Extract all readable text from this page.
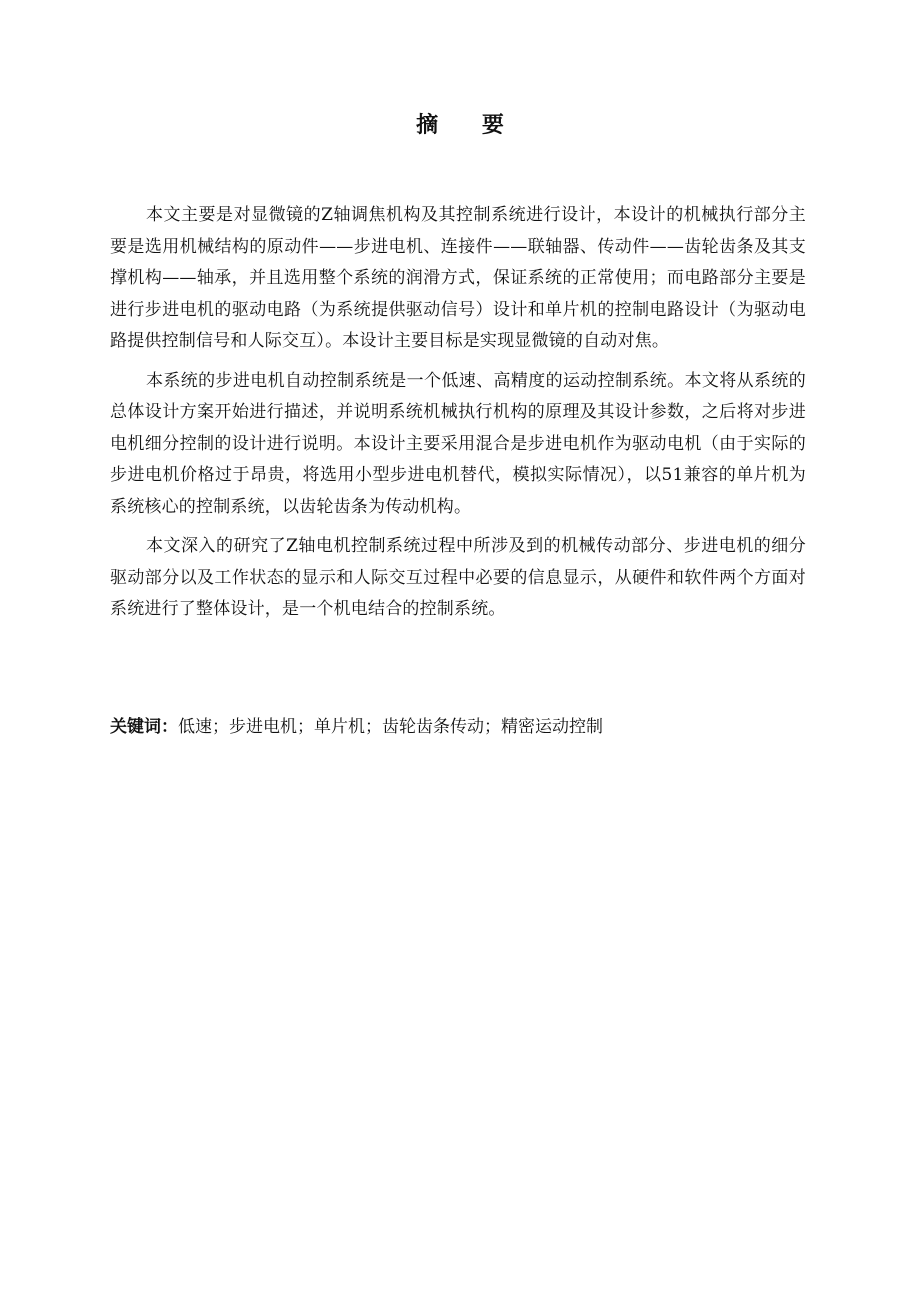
摘 要

本文主要是对显微镜的Z轴调焦机构及其控制系统进行设计，本设计的机械执行部分主要是选用机械结构的原动件——步进电机、连接件——联轴器、传动件——齿轮齿条及其支撑机构——轴承，并且选用整个系统的润滑方式，保证系统的正常使用；而电路部分主要是进行步进电机的驱动电路（为系统提供驱动信号）设计和单片机的控制电路设计（为驱动电路提供控制信号和人际交互）。本设计主要目标是实现显微镜的自动对焦。

本系统的步进电机自动控制系统是一个低速、高精度的运动控制系统。本文将从系统的总体设计方案开始进行描述，并说明系统机械执行机构的原理及其设计参数，之后将对步进电机细分控制的设计进行说明。本设计主要采用混合是步进电机作为驱动电机（由于实际的步进电机价格过于昂贵，将选用小型步进电机替代，模拟实际情况），以51兼容的单片机为系统核心的控制系统，以齿轮齿条为传动机构。

本文深入的研究了Z轴电机控制系统过程中所涉及到的机械传动部分、步进电机的细分驱动部分以及工作状态的显示和人际交互过程中必要的信息显示，从硬件和软件两个方面对系统进行了整体设计，是一个机电结合的控制系统。

关键词：低速；步进电机；单片机；齿轮齿条传动；精密运动控制
